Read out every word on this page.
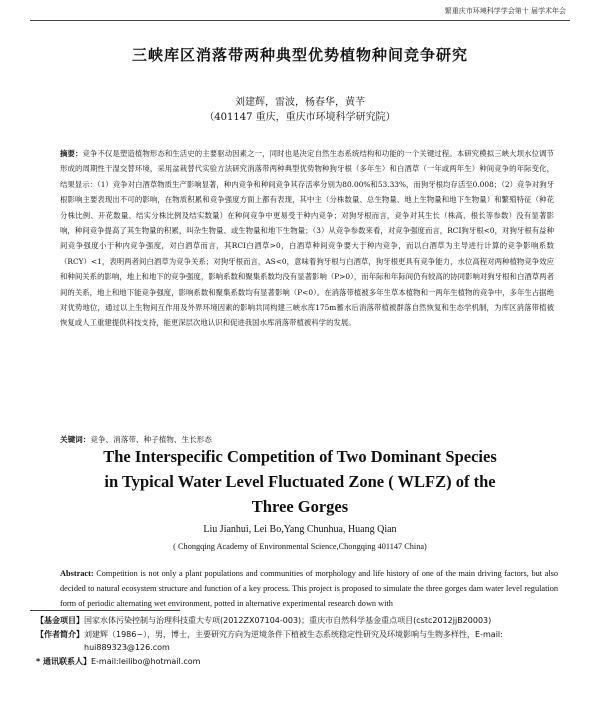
繁重庆市环境科学学会第十 届学术年会
三峡库区消落带两种典型优势植物种间竞争研究
刘建辉，雷波，杨春华，黄芊
（401147 重庆，重庆市环境科学研究院）
摘要：竞争不仅是塑造植物形态和生活史的主要驱动因素之一，同时也是决定自然生态系统结构和功能的一个关键过程。本研究模拟三峡大坝水位调节形成的周期性干湿交替环境，采用盆栽替代实验方法研究消落带两种典型优势物种狗牙根（多年生）和白酒草（一年或两年生）种间竞争的年际变化，结果显示：（1）竞争对白酒草物质生产影响显著，种内竞争和种间竞争其存活率分别为80.00%和53.33%，而狗牙根均存活至0.008；（2）竞争对狗牙根影响主要表现出不可的影响，在物质积累和竞争强度方面上都有表现，其中主（分株数量、总生物量、地上生物量和地下生物量）和繁殖特征（种花分株比例、开花数量、结实分株比例及结实数量）在种间竞争中更易受于种内竞争；对狗牙根而言，竞争对其生长（株高、根长等参数）没有显著影响，种间竞争提高了其生物量的积累，叫杂生物量、或生物量和地下生物量；（3）从竞争参数来看，对竞争强度而言，RCI狗牙根<0，对狗牙根有益种间竞争强度小于种内竞争强度，对白酒草而言，其RCI白酒草>0，白酒草种间竞争要大于种内竞争，而以白酒草为主导进行计算的竞争影响系数（RCY）<1，表明两者间白酒草为竞争关系；对狗牙根而言，AS<0，意味着狗牙根与白酒草，狗牙根更具有竞争能力，水位高程对两种植物竞争效应和种间关系的影响，地上和地下的竞争强度，影响系数和聚集系数均没有显著影响（P>0），而年际和年际间仍有较高的协同影响对狗牙根和白酒草两者间的关系，地上和地下能竞争强度，影响系数和聚集系数均有显著影响（P<0）。在消落带植被多年生草本植物和一两年生植物的竞争中，多年生占据绝对优势地位，通过以上生物间互作用及外界环境因素的影响共同构建三峡水库175m蓄水后消落带植被群落自然恢复和生态学机制，为库区消落带植被恢复或人工重建提供科技支持，能更深层次地认识和促进我国水库消落带植被科学的发展。
关键词：竞争、消落带、种子植物、生长形态
The Interspecific Competition of Two Dominant Species
in Typical Water Level Fluctuated Zone ( WLFZ) of the
Three Gorges
Liu Jianhui, Lei Bo,Yang Chunhua, Huang Qian
( Chongqing Academy of Environmental Science,Chongqing 401147 China)
Abstract: Competition is not only a plant populations and communities of morphology and life history of one of the main driving factors, but also decided to natural ecosystem structure and function of a key process. This project is proposed to simulate the three gorges dam water level regulation form of periodic alternating wet environment, potted in alternative experimental research down with
【基金项目】 国家水体污染控制与治理科技重大专项(2012ZX07104-003)；重庆市自然科学基金重点项目(cstc2012jjB20003)
【作者简介】 刘建辉（1986~），男，博士，主要研究方向为逆境条件下植被生态系统稳定性研究及环境影响与生物多样性，E-mail: hui889323@126.com
* 通讯联系人】 E-mail:leilibo@hotmail.com
